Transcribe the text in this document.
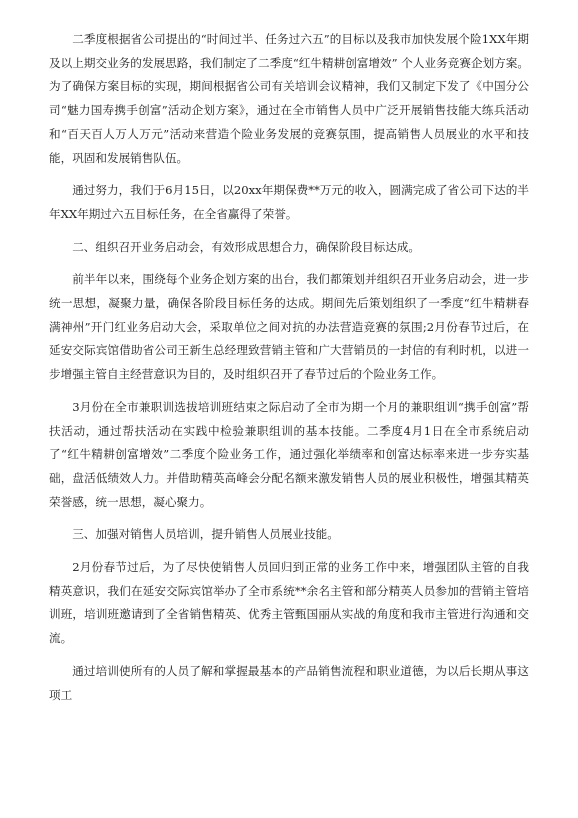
二季度根据省公司提出的“时间过半、任务过六五”的目标以及我市加快发展个险1XX年期及以上期交业务的发展思路，我们制定了二季度“红牛精耕创富增效” 个人业务竞赛企划方案。为了确保方案目标的实现，期间根据省公司有关培训会议精神，我们又制定下发了《中国分公司“魅力国寿携手创富”活动企划方案》，通过在全市销售人员中广泛开展销售技能大练兵活动和“百天百人万人万元”活动来营造个险业务发展的竞赛氛围，提高销售人员展业的水平和技能，巩固和发展销售队伍。

通过努力，我们于6月15日，以20xx年期保费**万元的收入，圆满完成了省公司下达的半年XX年期过六五目标任务，在全省赢得了荣誉。

二、组织召开业务启动会，有效形成思想合力，确保阶段目标达成。

前半年以来，围绕每个业务企划方案的出台，我们都策划并组织召开业务启动会，进一步统一思想，凝聚力量，确保各阶段目标任务的达成。期间先后策划组织了一季度“红牛精耕春满神州”开门红业务启动大会，采取单位之间对抗的办法营造竞赛的氛围;2月份春节过后，在延安交际宾馆借助省公司王新生总经理致营销主管和广大营销员的一封信的有利时机，以进一步增强主管自主经营意识为目的，及时组织召开了春节过后的个险业务工作。

3月份在全市兼职训选拔培训班结束之际启动了全市为期一个月的兼职组训“携手创富”帮扶活动，通过帮扶活动在实践中检验兼职组训的基本技能。二季度4月1日在全市系统启动了“红牛精耕创富增效”二季度个险业务工作，通过强化举绩率和创富达标率来进一步夯实基础，盘活低绩效人力。并借助精英高峰会分配名额来激发销售人员的展业积极性，增强其精英荣誉感，统一思想，凝心聚力。

三、加强对销售人员培训，提升销售人员展业技能。

2月份春节过后，为了尽快使销售人员回归到正常的业务工作中来，增强团队主管的自我精英意识，我们在延安交际宾馆举办了全市系统**余名主管和部分精英人员参加的营销主管培训班，培训班邀请到了全省销售精英、优秀主管甄国丽从实战的角度和我市主管进行沟通和交流。

通过培训使所有的人员了解和掌握最基本的产品销售流程和职业道德，为以后长期从事这项工
